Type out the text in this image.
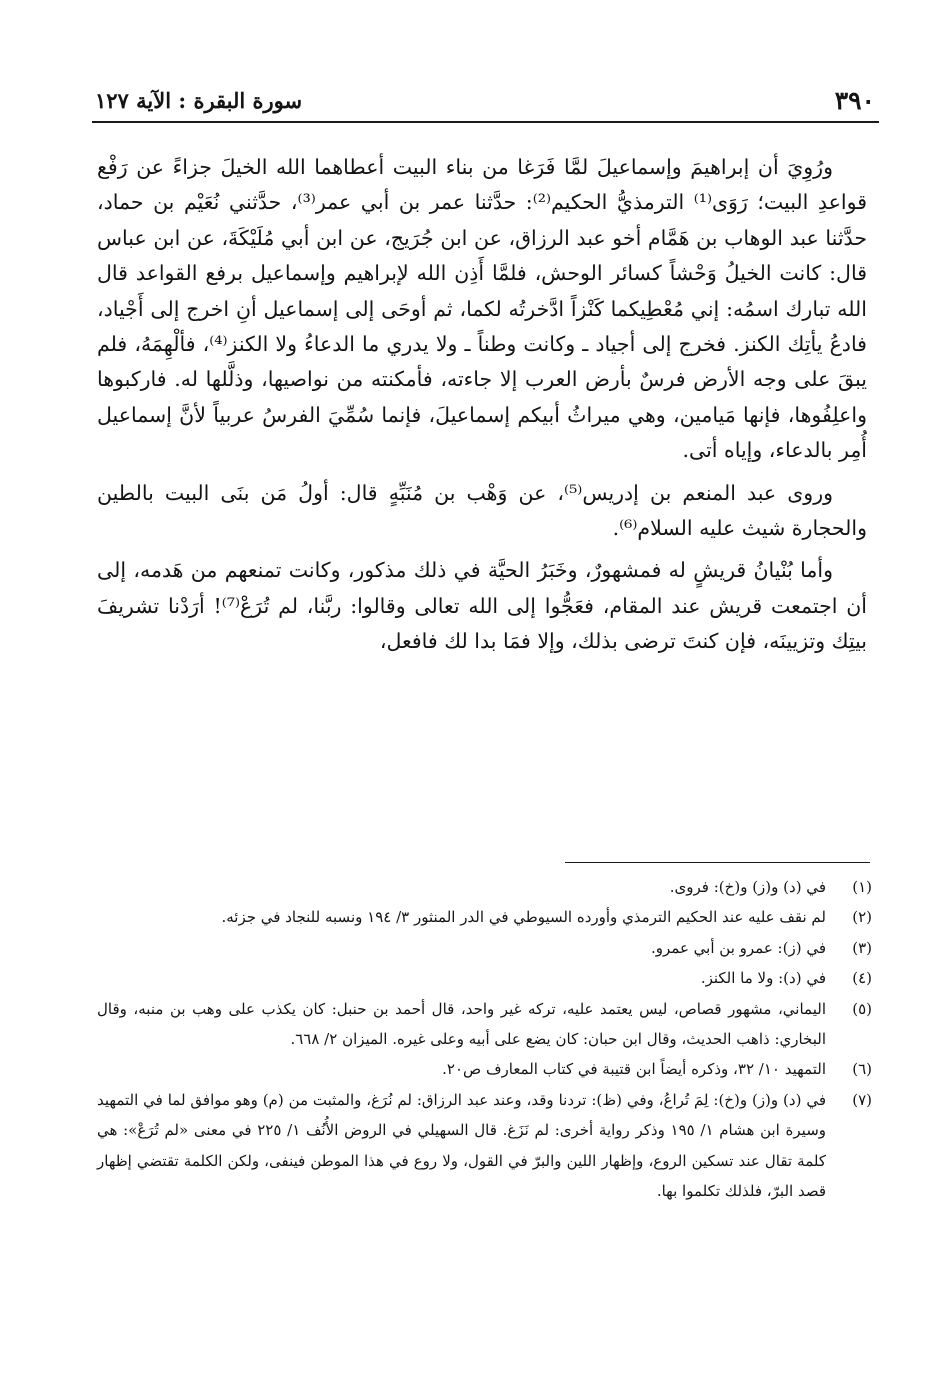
٣٩٠
سورة البقرة : الآية ١٢٧

ورُوِيَ أن إبراهيمَ وإسماعيلَ لمَّا فَرَغا من بناء البيت أعطاهما الله الخيلَ جزاءً عن رَفْع قواعدِ البيت؛ رَوَى⁽¹⁾ الترمذيُّ الحكيم⁽²⁾: حدَّثنا عمر بن أبي عمر⁽³⁾، حدَّثني نُعَيْم بن حماد، حدَّثنا عبد الوهاب بن هَمَّام أخو عبد الرزاق، عن ابن جُرَيج، عن ابن أبي مُلَيْكَةَ، عن ابن عباس قال: كانت الخيلُ وَحْشاً كسائر الوحش، فلمَّا أَذِن الله لإبراهيم وإسماعيل برفع القواعد قال الله تبارك اسمُه: إني مُعْطِيكما كَنْزاً ادَّخرتُه لكما، ثم أوحَى إلى إسماعيل أنِ اخرج إلى أَجْياد، فادعُ يأتِك الكنز. فخرج إلى أجياد ـ وكانت وطناً ـ ولا يدري ما الدعاءُ ولا الكنز⁽⁴⁾، فألْهِمَهُ، فلم يبقَ على وجه الأرض فرسٌ بأرض العرب إلا جاءته، فأمكنته من نواصيها، وذلَّلها له. فاركبوها واعلِفُوها، فإنها مَيامين، وهي ميراثُ أبيكم إسماعيلَ، فإنما سُمِّيَ الفرسُ عربياً لأنَّ إسماعيل أُمِر بالدعاء، وإياه أتى.

وروى عبد المنعم بن إدريس⁽⁵⁾، عن وَهْب بن مُنَبِّهٍ قال: أولُ مَن بنَى البيت بالطين والحجارة شيث عليه السلام⁽⁶⁾.

وأما بُنْيانُ قريشٍ له فمشهورٌ، وخَبَرُ الحيَّة في ذلك مذكور، وكانت تمنعهم من هَدمه، إلى أن اجتمعت قريش عند المقام، فعَجُّوا إلى الله تعالى وقالوا: ربَّنا، لم تُرَعْ⁽⁷⁾! أرَدْنا تشريفَ بيتِك وتزيينَه، فإن كنتَ ترضى بذلك، وإلا فمَا بدا لك فافعل،

(١)
في (د) و(ز) و(خ): فروى.
(٢)
لم نقف عليه عند الحكيم الترمذي وأورده السيوطي في الدر المنثور ٣/ ١٩٤ ونسبه للنجاد في جزئه.
(٣)
في (ز): عمرو بن أبي عمرو.
(٤)
في (د): ولا ما الكنز.
(٥)
اليماني، مشهور قصاص، ليس يعتمد عليه، تركه غير واحد، قال أحمد بن حنبل: كان يكذب على وهب بن منبه، وقال البخاري: ذاهب الحديث، وقال ابن حبان: كان يضع على أبيه وعلى غيره. الميزان ٢/ ٦٦٨.
(٦)
التمهيد ١٠/ ٣٢، وذكره أيضاً ابن قتيبة في كتاب المعارف ص٢٠.
(٧)
في (د) و(ز) و(خ): لِمَ تُراعُ، وفي (ظ): تردنا وقد، وعند عبد الرزاق: لم نُرَغ، والمثبت من (م) وهو موافق لما في التمهيد وسيرة ابن هشام ١/ ١٩٥ وذكر رواية أخرى: لم نَزَغ. قال السهيلي في الروض الأُنُف ١/ ٢٢٥ في معنى «لم تُرَعْ»: هي كلمة تقال عند تسكين الروع، وإظهار اللين والبرّ في القول، ولا روع في هذا الموطن فينفى، ولكن الكلمة تقتضي إظهار قصد البرّ، فلذلك تكلموا بها.
